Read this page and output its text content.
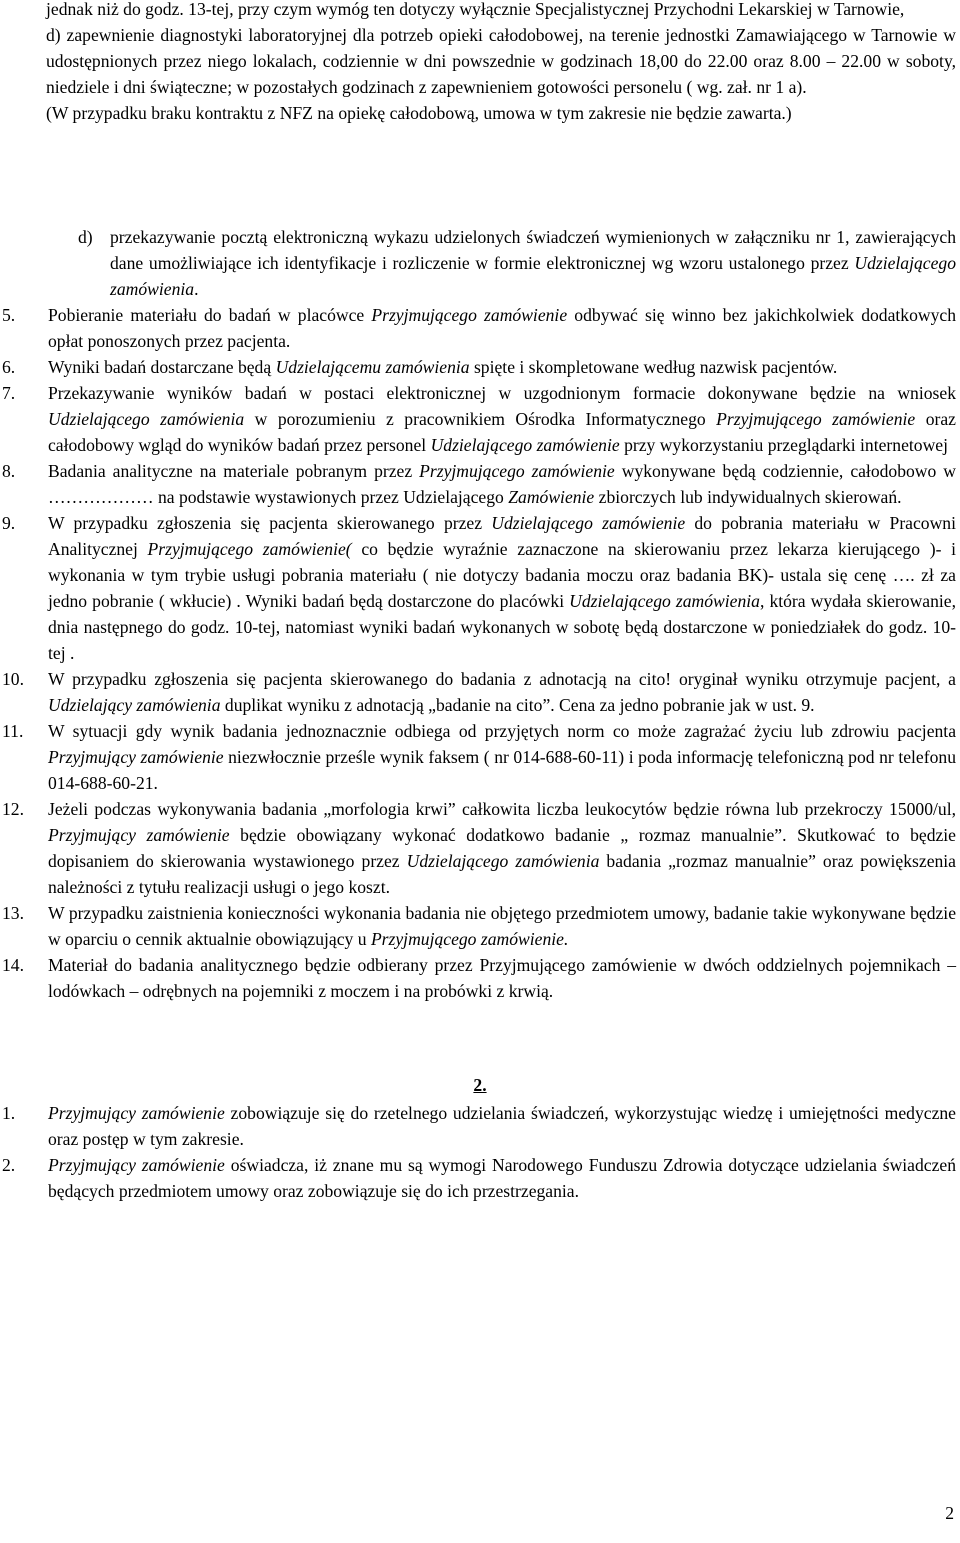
jednak niż do godz. 13-tej, przy czym wymóg ten dotyczy wyłącznie Specjalistycznej Przychodni Lekarskiej w Tarnowie,

d) zapewnienie diagnostyki laboratoryjnej dla potrzeb opieki całodobowej, na terenie jednostki Zamawiającego w Tarnowie w udostępnionych przez niego lokalach, codziennie w dni powszednie w godzinach 18,00 do 22.00 oraz 8.00 – 22.00 w soboty, niedziele i dni świąteczne; w pozostałych godzinach z zapewnieniem gotowości personelu ( wg. zał. nr 1 a).

(W przypadku braku kontraktu z NFZ na opiekę całodobową, umowa w tym zakresie nie będzie zawarta.)

d) przekazywanie pocztą elektroniczną wykazu udzielonych świadczeń wymienionych w załączniku nr 1, zawierających dane umożliwiające ich identyfikacje i rozliczenie w formie elektronicznej wg wzoru ustalonego przez Udzielającego zamówienia.
5.	Pobieranie materiału do badań w placówce Przyjmującego zamówienie odbywać się winno bez jakichkolwiek dodatkowych opłat ponoszonych przez pacjenta.
6.	Wyniki badań dostarczane będą Udzielającemu zamówienia spięte i skompletowane według nazwisk pacjentów.
7.	Przekazywanie wyników badań w postaci elektronicznej w uzgodnionym formacie dokonywane będzie na wniosek Udzielającego zamówienia w porozumieniu z pracownikiem Ośrodka Informatycznego Przyjmującego zamówienie oraz całodobowy wgląd do wyników badań przez personel Udzielającego zamówienie przy wykorzystaniu przeglądarki internetowej
8.	Badania analityczne na materiale pobranym przez Przyjmującego zamówienie wykonywane będą codziennie, całodobowo w ……………… na podstawie wystawionych przez Udzielającego Zamówienie zbiorczych lub indywidualnych skierowań.
9.	W przypadku zgłoszenia się pacjenta skierowanego przez Udzielającego zamówienie do pobrania materiału w Pracowni Analitycznej Przyjmującego zamówienie( co będzie wyraźnie zaznaczone na skierowaniu przez lekarza kierującego )- i wykonania w tym trybie usługi pobrania materiału ( nie dotyczy badania moczu oraz badania BK)- ustala się cenę …. zł za jedno pobranie ( wkłucie) . Wyniki badań będą dostarczone do placówki Udzielającego zamówienia, która wydała skierowanie, dnia następnego do godz. 10-tej, natomiast wyniki badań wykonanych w sobotę będą dostarczone w poniedziałek do godz. 10-tej .
10.	W przypadku zgłoszenia się pacjenta skierowanego do badania z adnotacją na cito! oryginał wyniku otrzymuje pacjent, a Udzielający zamówienia duplikat wyniku z adnotacją „badanie na cito”. Cena za jedno pobranie jak w ust. 9.
11.	W sytuacji gdy wynik badania jednoznacznie odbiega od przyjętych norm co może zagrażać życiu lub zdrowiu pacjenta Przyjmujący zamówienie niezwłocznie prześle wynik faksem ( nr 014-688-60-11) i poda informację telefoniczną pod nr telefonu 014-688-60-21.
12.	Jeżeli podczas wykonywania badania „morfologia krwi” całkowita liczba leukocytów będzie równa lub przekroczy 15000/ul, Przyjmujący zamówienie będzie obowiązany wykonać dodatkowo badanie „ rozmaz manualnie”. Skutkować to będzie dopisaniem do skierowania wystawionego przez Udzielającego zamówienia badania „rozmaz manualnie” oraz powiększenia należności z tytułu realizacji usługi o jego koszt.
13.	W przypadku zaistnienia konieczności wykonania badania nie objętego przedmiotem umowy, badanie takie wykonywane będzie w oparciu o cennik aktualnie obowiązujący u Przyjmującego zamówienie.
14.	Materiał do badania analitycznego będzie odbierany przez Przyjmującego zamówienie w dwóch oddzielnych pojemnikach – lodówkach – odrębnych na pojemniki z moczem i na probówki z krwią.
2.
1.	Przyjmujący zamówienie zobowiązuje się do rzetelnego udzielania świadczeń, wykorzystując wiedzę i umiejętności medyczne oraz postęp w tym zakresie.
2.	Przyjmujący zamówienie oświadcza, iż znane mu są wymogi Narodowego Funduszu Zdrowia dotyczące udzielania świadczeń będących przedmiotem umowy oraz zobowiązuje się do ich przestrzegania.
2
